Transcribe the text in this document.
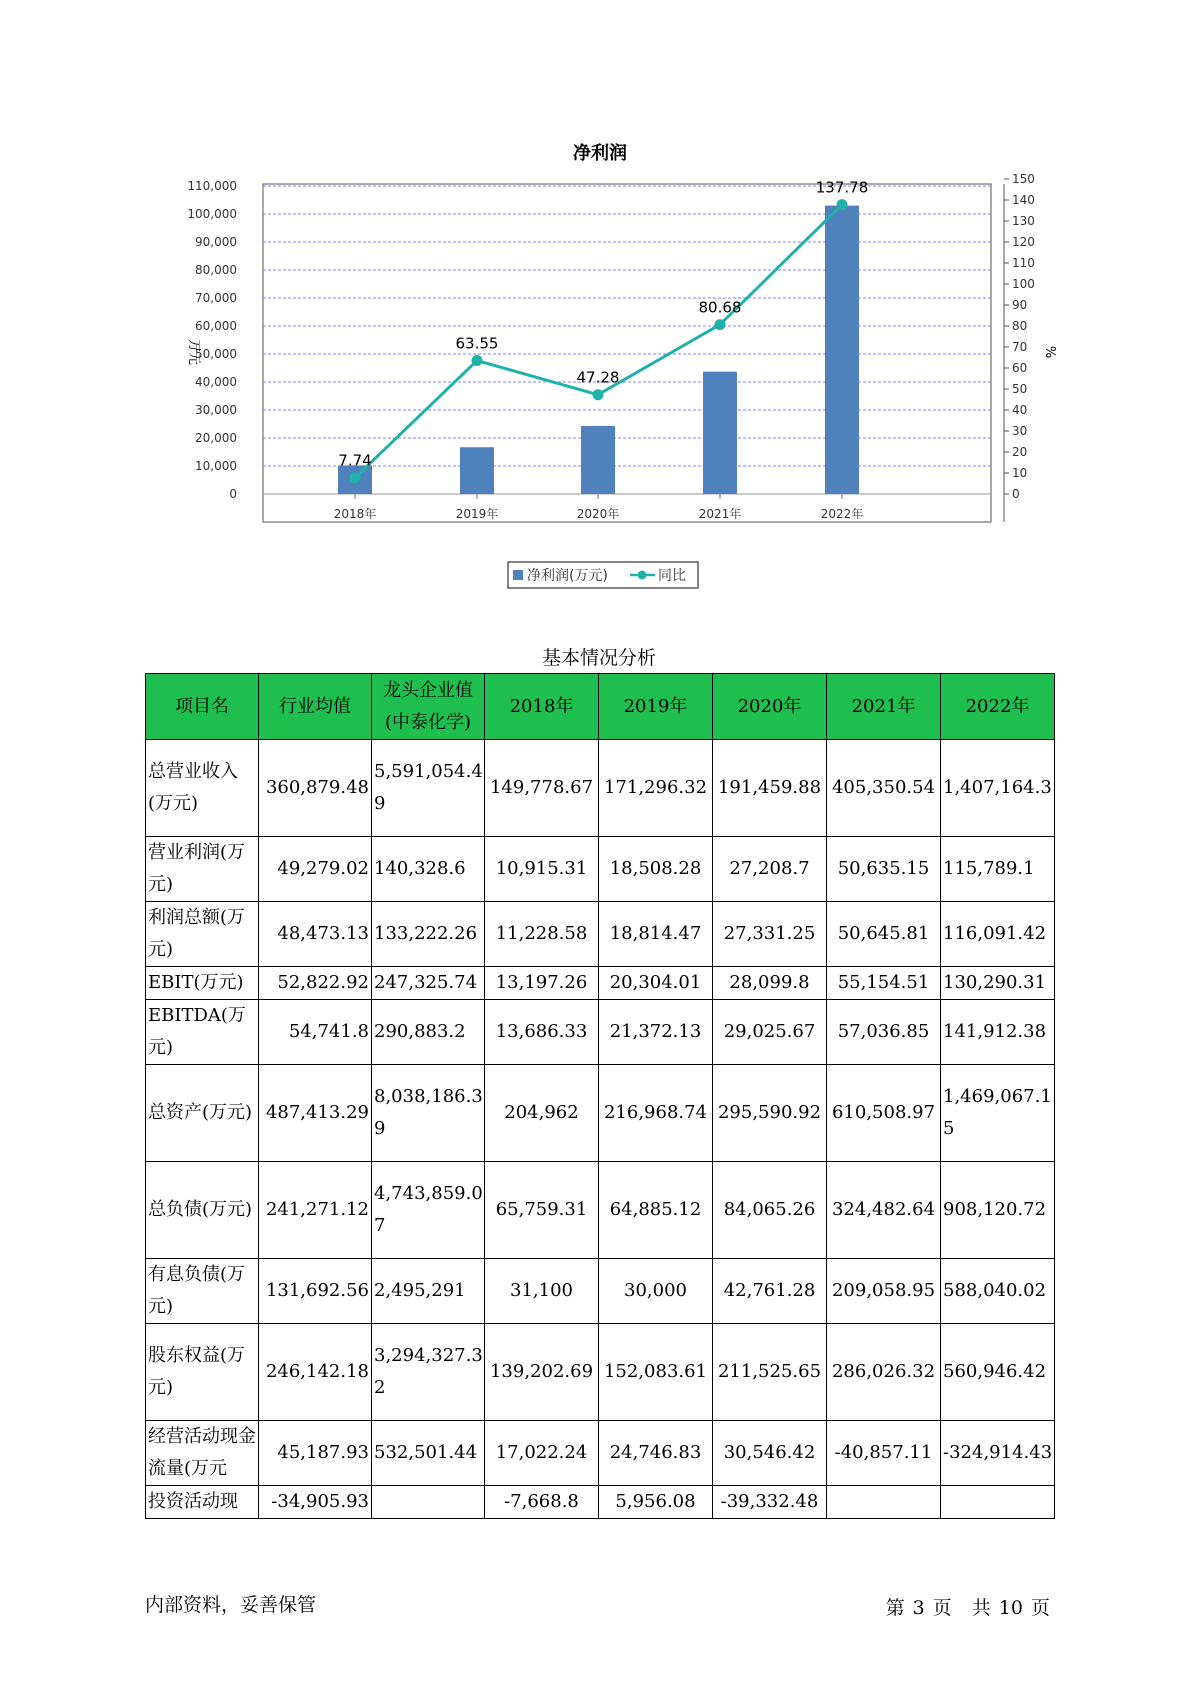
净利润
0
10,000
20,000
30,000
40,000
50,000
60,000
70,000
80,000
90,000
100,000
110,000
0
10
20
30
40
50
60
70
80
90
100
110
120
130
140
150
万元	%
2018年	2019年	2020年	2021年	2022年
7.74
63.55
47.28
80.68
137.78
净利润(万元)	同比
基本情况分析
项目名	行业均值	龙头企业值(中泰化学)	2018年	2019年	2020年	2021年	2022年
总营业收入(万元)	360,879.48	5,591,054.49	149,778.67	171,296.32	191,459.88	405,350.54	1,407,164.3
营业利润(万元)	49,279.02	140,328.6	10,915.31	18,508.28	27,208.7	50,635.15	115,789.1
利润总额(万元)	48,473.13	133,222.26	11,228.58	18,814.47	27,331.25	50,645.81	116,091.42
EBIT(万元)	52,822.92	247,325.74	13,197.26	20,304.01	28,099.8	55,154.51	130,290.31
EBITDA(万元)	54,741.8	290,883.2	13,686.33	21,372.13	29,025.67	57,036.85	141,912.38
总资产(万元)	487,413.29	8,038,186.39	204,962	216,968.74	295,590.92	610,508.97	1,469,067.15
总负债(万元)	241,271.12	4,743,859.07	65,759.31	64,885.12	84,065.26	324,482.64	908,120.72
有息负债(万元)	131,692.56	2,495,291	31,100	30,000	42,761.28	209,058.95	588,040.02
股东权益(万元)	246,142.18	3,294,327.32	139,202.69	152,083.61	211,525.65	286,026.32	560,946.42
经营活动现金流量(万元	45,187.93	532,501.44	17,022.24	24,746.83	30,546.42	-40,857.11	-324,914.43
投资活动现	-34,905.93		-7,668.8	5,956.08	-39,332.48		
内部资料，妥善保管	第 3 页 共 10 页
